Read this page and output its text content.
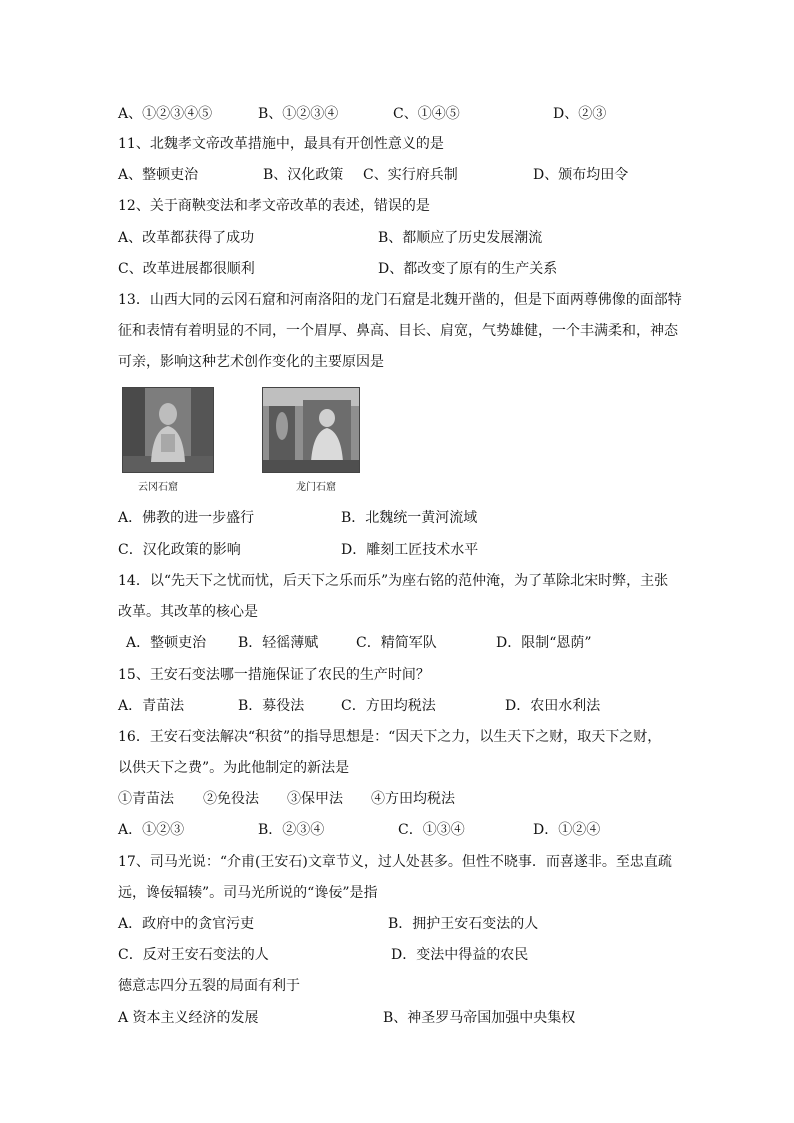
A、①②③④⑤	B、①②③④	C、①④⑤	D、②③
11、北魏孝文帝改革措施中，最具有开创性意义的是
A、整顿吏治	B、汉化政策 C、实行府兵制	D、颁布均田令
12、关于商鞅变法和孝文帝改革的表述，错误的是
A、改革都获得了成功	B、都顺应了历史发展潮流
C、改革进展都很顺利	D、都改变了原有的生产关系
13．山西大同的云冈石窟和河南洛阳的龙门石窟是北魏开凿的，但是下面两尊佛像的面部特
征和表情有着明显的不同，一个眉厚、鼻高、目长、肩宽，气势雄健，一个丰满柔和，神态
可亲，影响这种艺术创作变化的主要原因是
云冈石窟	龙门石窟
A．佛教的进一步盛行	B．北魏统一黄河流域
C．汉化政策的影响	D．雕刻工匠技术水平
14．以“先天下之忧而忧，后天下之乐而乐”为座右铭的范仲淹，为了革除北宋时弊，主张
改革。其改革的核心是
A．整顿吏治 B．轻徭薄赋	C．精简军队	D．限制“恩荫”
15、王安石变法哪一措施保证了农民的生产时间？
A．青苗法	B．募役法	C．方田均税法	D．农田水利法
16．王安石变法解决“积贫”的指导思想是：“因天下之力，以生天下之财，取天下之财，
以供天下之费”。为此他制定的新法是
①青苗法 ②免役法 ③保甲法 ④方田均税法
A．①②③	B．②③④	C．①③④	D．①②④
17、司马光说：“介甫(王安石)文章节义，过人处甚多。但性不晓事．而喜遂非。至忠直疏
远，谗佞辐辏”。司马光所说的“谗佞”是指
A．政府中的贪官污吏	B．拥护王安石变法的人
C．反对王安石变法的人	D．变法中得益的农民
德意志四分五裂的局面有利于
A 资本主义经济的发展	B、神圣罗马帝国加强中央集权
